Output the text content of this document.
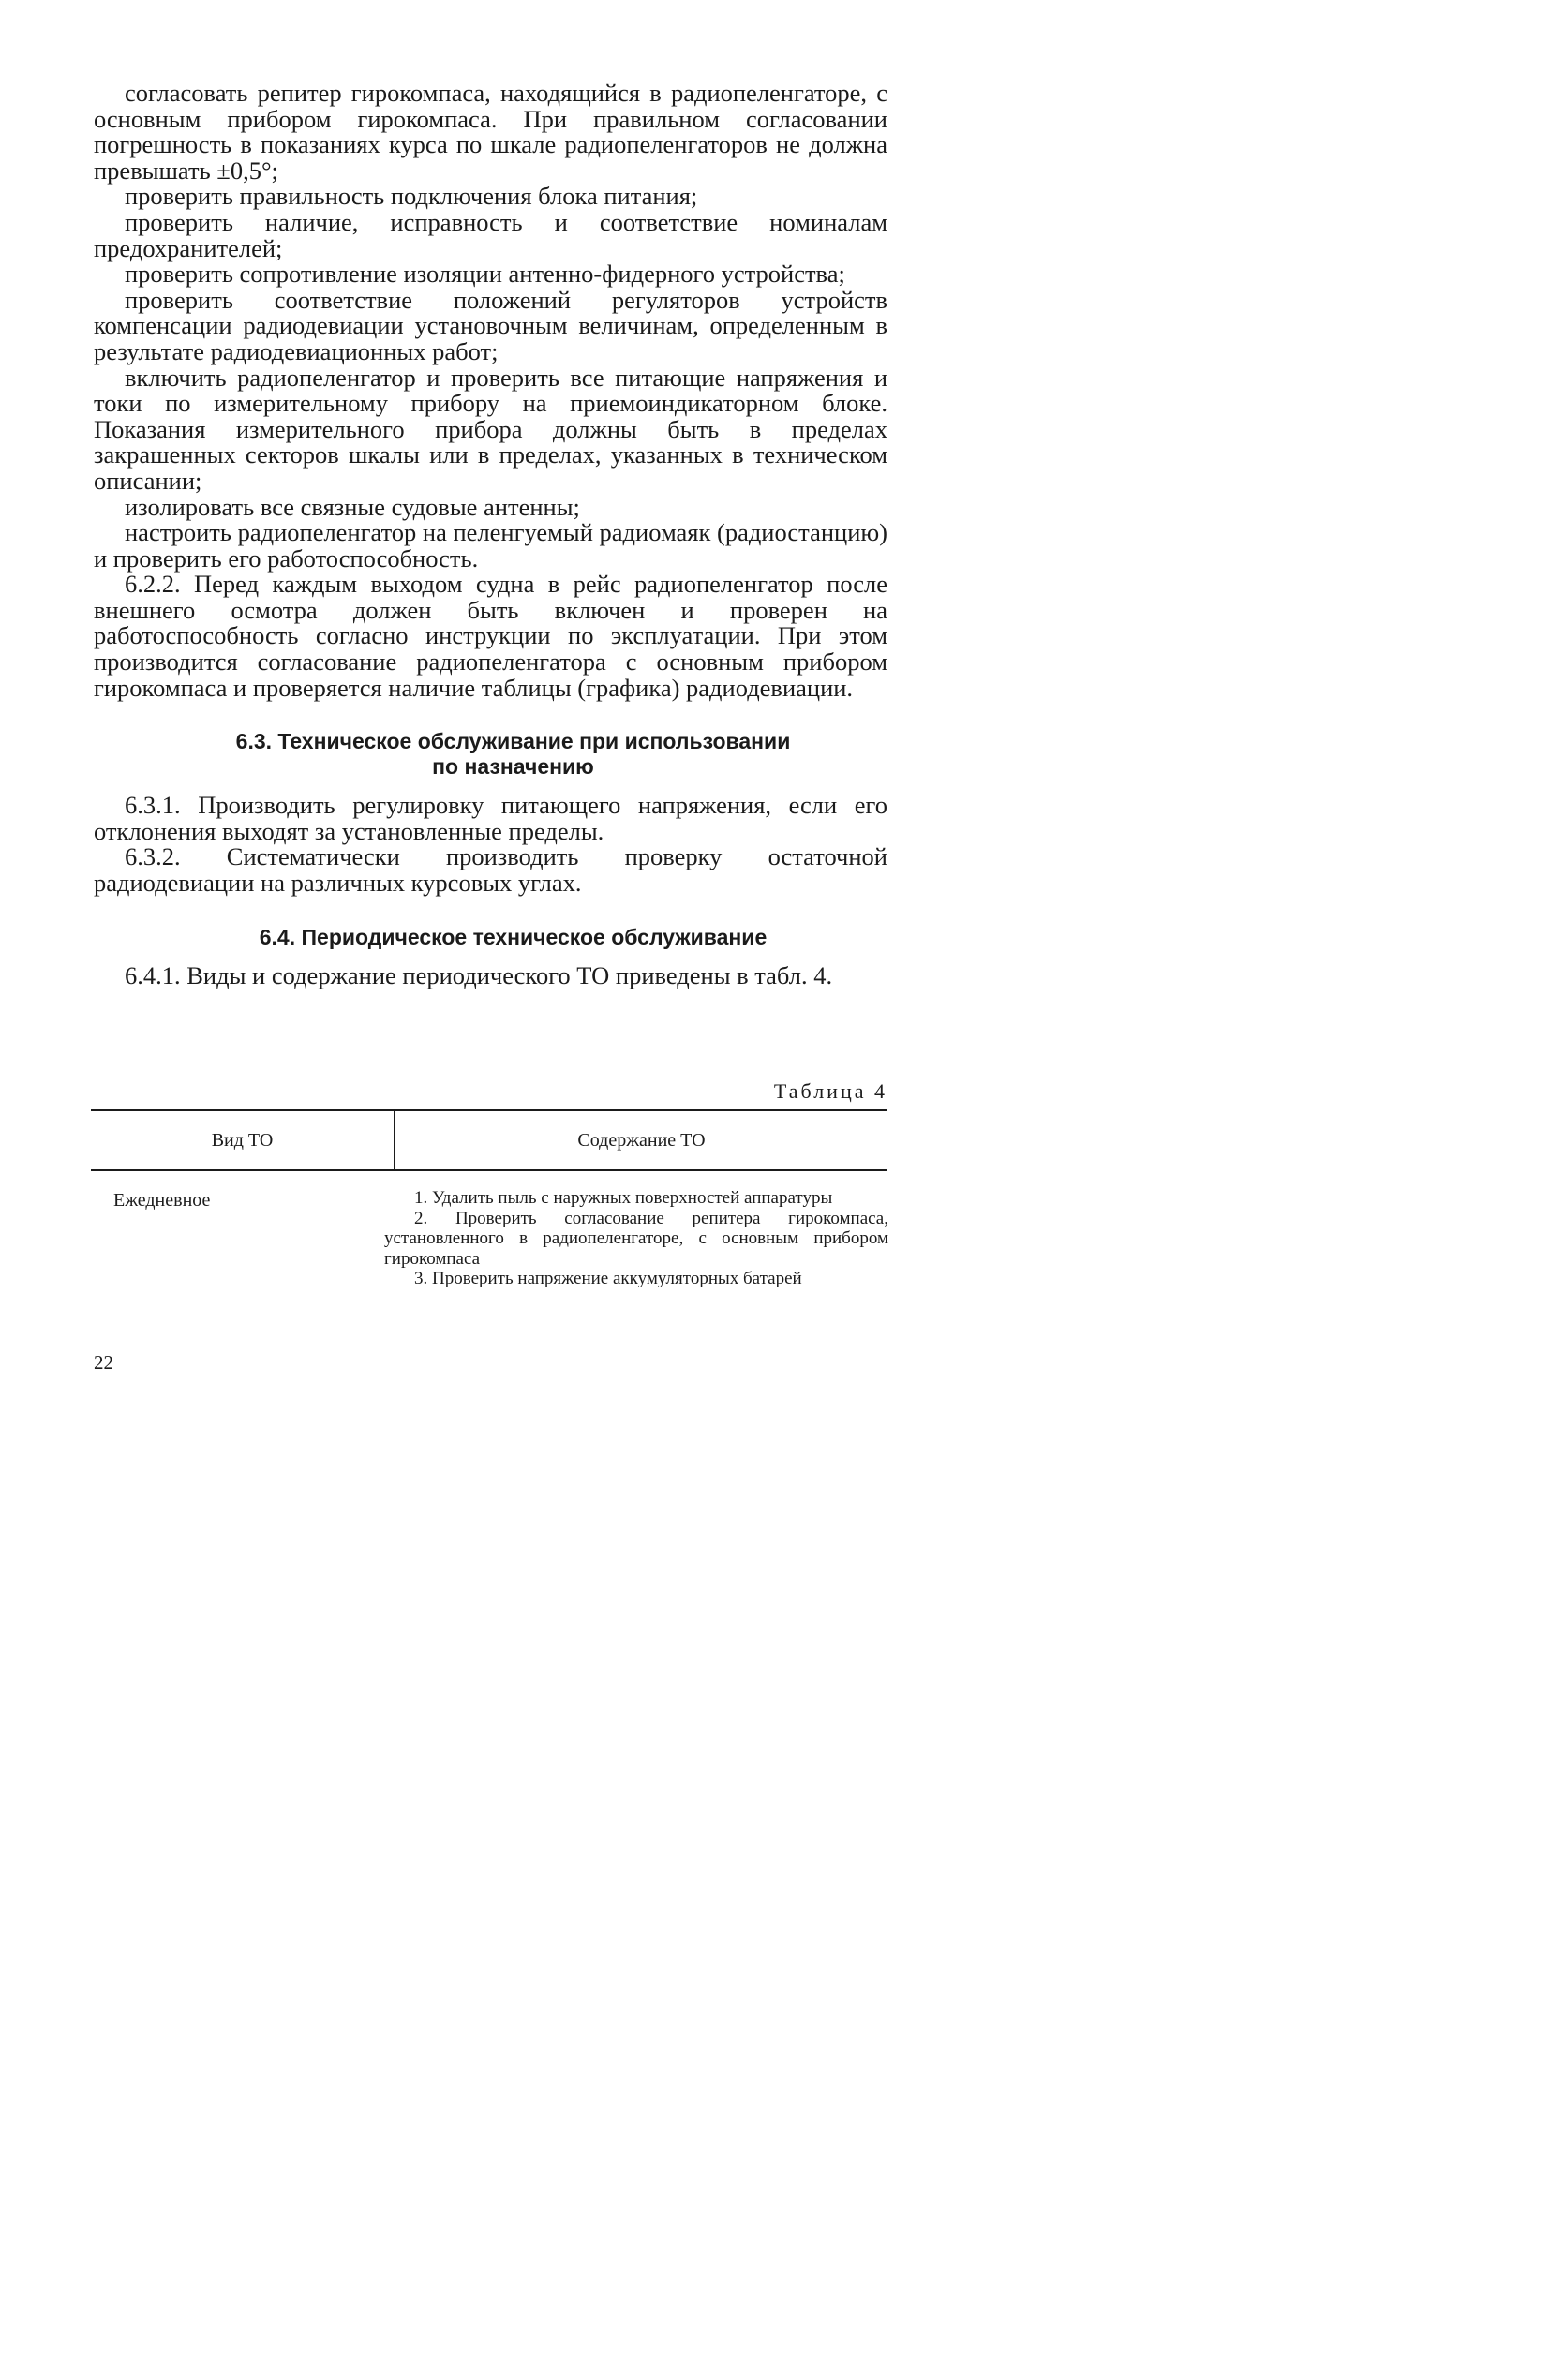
согласовать репитер гирокомпаса, находящийся в радиопеленгаторе, с основным прибором гирокомпаса. При правильном согласовании погрешность в показаниях курса по шкале радиопеленгаторов не должна превышать ±0,5°;

проверить правильность подключения блока питания;

проверить наличие, исправность и соответствие номиналам предохранителей;

проверить сопротивление изоляции антенно-фидерного устройства;

проверить соответствие положений регуляторов устройств компенсации радиодевиации установочным величинам, определенным в результате радиодевиационных работ;

включить радиопеленгатор и проверить все питающие напряжения и токи по измерительному прибору на приемоиндикаторном блоке. Показания измерительного прибора должны быть в пределах закрашенных секторов шкалы или в пределах, указанных в техническом описании;

изолировать все связные судовые антенны;

настроить радиопеленгатор на пеленгуемый радиомаяк (радиостанцию) и проверить его работоспособность.

6.2.2. Перед каждым выходом судна в рейс радиопеленгатор после внешнего осмотра должен быть включен и проверен на работоспособность согласно инструкции по эксплуатации. При этом производится согласование радиопеленгатора с основным прибором гирокомпаса и проверяется наличие таблицы (графика) радиодевиации.

6.3. Техническое обслуживание при использовании

по назначению

6.3.1. Производить регулировку питающего напряжения, если его отклонения выходят за установленные пределы.

6.3.2. Систематически производить проверку остаточной радиодевиации на различных курсовых углах.

6.4. Периодическое техническое обслуживание

6.4.1. Виды и содержание периодического ТО приведены в табл. 4.

Таблица 4

Вид ТО	Содержание ТО
Ежедневное	1. Удалить пыль с наружных поверхностей аппаратуры

2. Проверить согласование репитера гирокомпаса, установленного в радиопеленгаторе, с основным прибором гирокомпаса

3. Проверить напряжение аккумуляторных батарей

22
